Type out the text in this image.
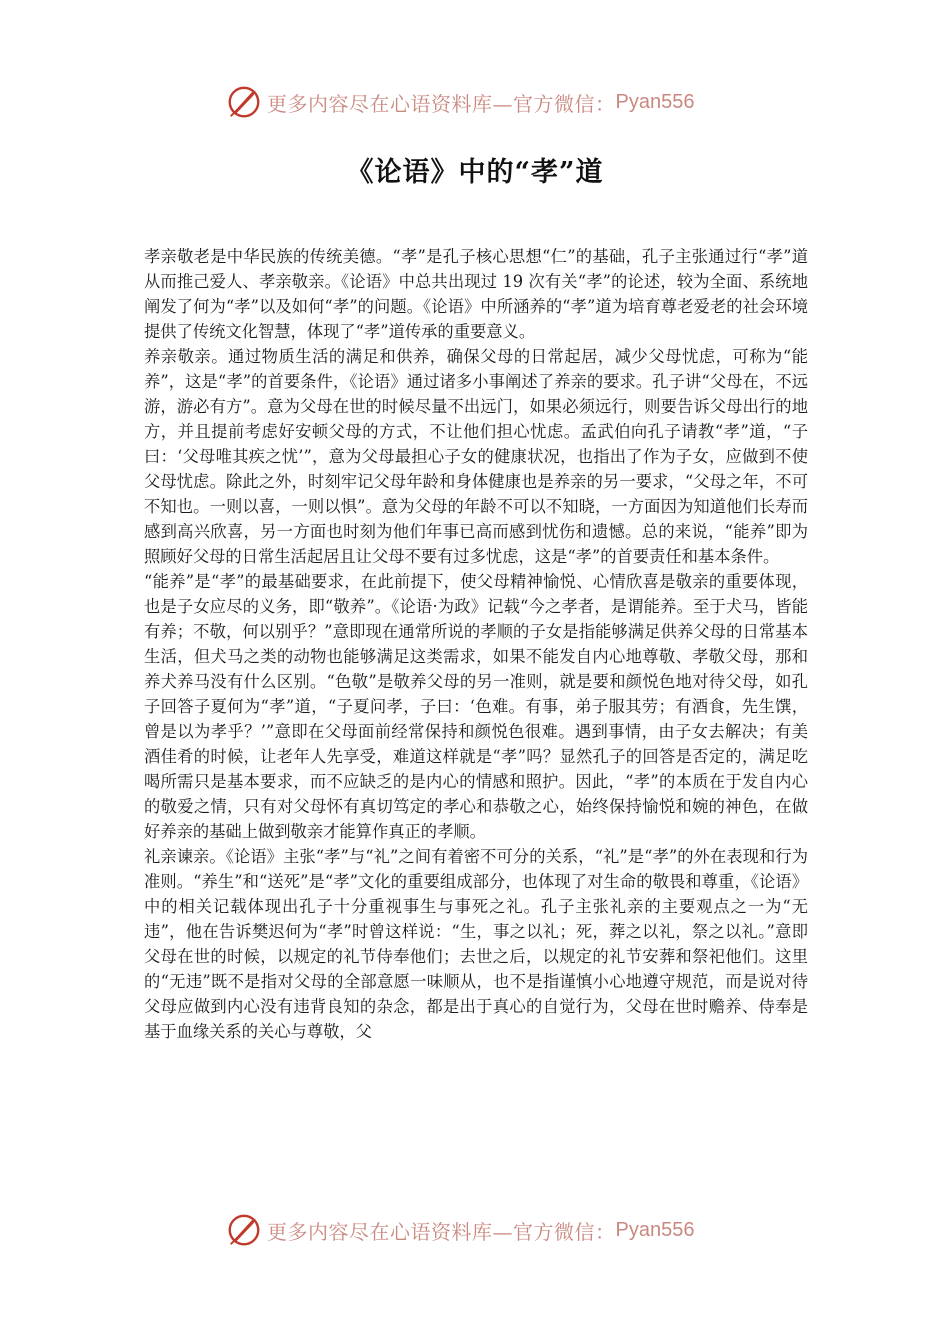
更多内容尽在心语资料库—官方微信： Pyan556
《论语》中的“孝”道

孝亲敬老是中华民族的传统美德。“孝”是孔子核心思想“仁”的基础，孔子主张通过行“孝”道从而推己爱人、孝亲敬亲。《论语》中总共出现过 19 次有关“孝”的论述，较为全面、系统地阐发了何为“孝”以及如何“孝”的问题。《论语》中所涵养的“孝”道为培育尊老爱老的社会环境提供了传统文化智慧，体现了“孝”道传承的重要意义。

养亲敬亲。通过物质生活的满足和供养，确保父母的日常起居，减少父母忧虑，可称为“能养”，这是“孝”的首要条件，《论语》通过诸多小事阐述了养亲的要求。孔子讲“父母在，不远游，游必有方”。意为父母在世的时候尽量不出远门，如果必须远行，则要告诉父母出行的地方，并且提前考虑好安顿父母的方式，不让他们担心忧虑。孟武伯向孔子请教“孝”道，“子曰：‘父母唯其疾之忧’”，意为父母最担心子女的健康状况，也指出了作为子女，应做到不使父母忧虑。除此之外，时刻牢记父母年龄和身体健康也是养亲的另一要求，“父母之年，不可不知也。一则以喜，一则以惧”。意为父母的年龄不可以不知晓，一方面因为知道他们长寿而感到高兴欣喜，另一方面也时刻为他们年事已高而感到忧伤和遗憾。总的来说，“能养”即为照顾好父母的日常生活起居且让父母不要有过多忧虑，这是“孝”的首要责任和基本条件。

“能养”是“孝”的最基础要求，在此前提下，使父母精神愉悦、心情欣喜是敬亲的重要体现，也是子女应尽的义务，即“敬养”。《论语·为政》记载“今之孝者，是谓能养。至于犬马，皆能有养；不敬，何以别乎？”意即现在通常所说的孝顺的子女是指能够满足供养父母的日常基本生活，但犬马之类的动物也能够满足这类需求，如果不能发自内心地尊敬、孝敬父母，那和养犬养马没有什么区别。“色敬”是敬养父母的另一准则，就是要和颜悦色地对待父母，如孔子回答子夏何为“孝”道，“子夏问孝，子曰：‘色难。有事，弟子服其劳；有酒食，先生馔，曾是以为孝乎？’”意即在父母面前经常保持和颜悦色很难。遇到事情，由子女去解决；有美酒佳肴的时候，让老年人先享受，难道这样就是“孝”吗？显然孔子的回答是否定的，满足吃喝所需只是基本要求，而不应缺乏的是内心的情感和照护。因此，“孝”的本质在于发自内心的敬爱之情，只有对父母怀有真切笃定的孝心和恭敬之心，始终保持愉悦和婉的神色，在做好养亲的基础上做到敬亲才能算作真正的孝顺。

礼亲谏亲。《论语》主张“孝”与“礼”之间有着密不可分的关系，“礼”是“孝”的外在表现和行为准则。“养生”和“送死”是“孝”文化的重要组成部分，也体现了对生命的敬畏和尊重，《论语》中的相关记载体现出孔子十分重视事生与事死之礼。孔子主张礼亲的主要观点之一为“无违”，他在告诉樊迟何为“孝”时曾这样说：“生，事之以礼；死，葬之以礼，祭之以礼。”意即父母在世的时候，以规定的礼节侍奉他们；去世之后，以规定的礼节安葬和祭祀他们。这里的“无违”既不是指对父母的全部意愿一味顺从，也不是指谨慎小心地遵守规范，而是说对待父母应做到内心没有违背良知的杂念，都是出于真心的自觉行为，父母在世时赡养、侍奉是基于血缘关系的关心与尊敬，父

更多内容尽在心语资料库—官方微信： Pyan556
